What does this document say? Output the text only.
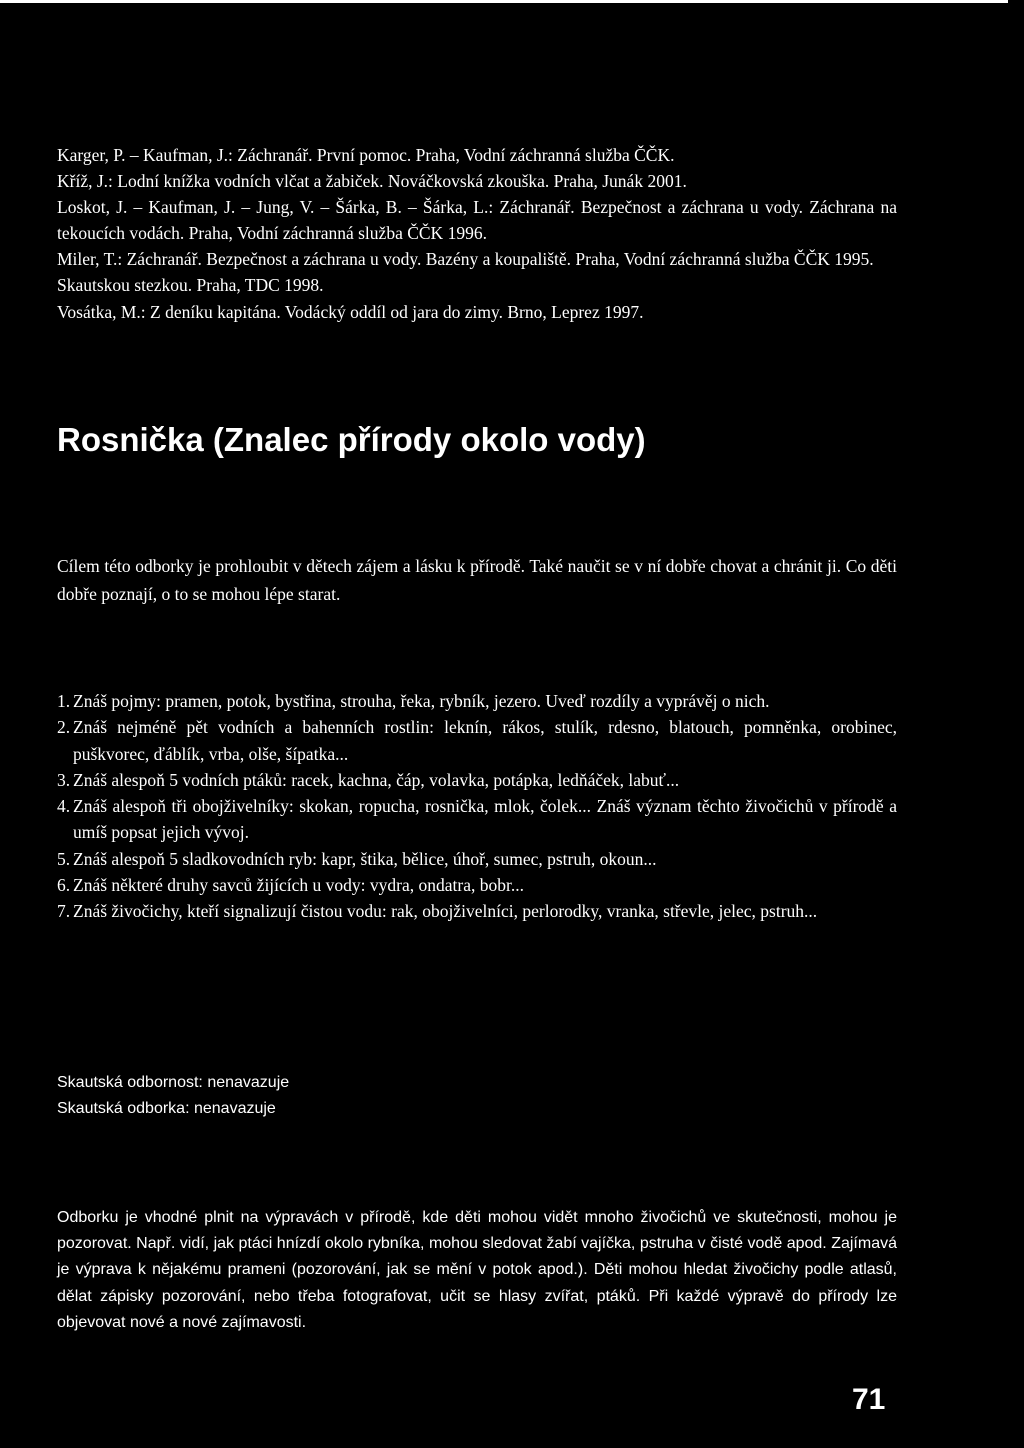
Karger, P. – Kaufman, J.: Záchranář. První pomoc. Praha, Vodní záchranná služba ČČK.

Kříž, J.: Lodní knížka vodních vlčat a žabiček. Nováčkovská zkouška. Praha, Junák 2001.

Loskot, J. – Kaufman, J. – Jung, V. – Šárka, B. – Šárka, L.: Záchranář. Bezpečnost a záchrana u vody. Záchrana na tekoucích vodách. Praha, Vodní záchranná služba ČČK 1996.

Miler, T.: Záchranář. Bezpečnost a záchrana u vody. Bazény a koupaliště. Praha, Vodní záchranná služba ČČK 1995.

Skautskou stezkou. Praha, TDC 1998.

Vosátka, M.: Z deníku kapitána. Vodácký oddíl od jara do zimy. Brno, Leprez 1997.

Rosnička (Znalec přírody okolo vody)

Cílem této odborky je prohloubit v dětech zájem a lásku k přírodě. Také naučit se v ní dobře chovat a chránit ji. Co děti dobře poznají, o to se mohou lépe starat.

1. Znáš pojmy: pramen, potok, bystřina, strouha, řeka, rybník, jezero. Uveď rozdíly a vyprávěj o nich.
2. Znáš nejméně pět vodních a bahenních rostlin: leknín, rákos, stulík, rdesno, blatouch, pomněnka, orobinec, puškvorec, ďáblík, vrba, olše, šípatka...
3. Znáš alespoň 5 vodních ptáků: racek, kachna, čáp, volavka, potápka, ledňáček, labuť...
4. Znáš alespoň tři obojživelníky: skokan, ropucha, rosnička, mlok, čolek... Znáš význam těchto živočichů v přírodě a umíš popsat jejich vývoj.
5. Znáš alespoň 5 sladkovodních ryb: kapr, štika, bělice, úhoř, sumec, pstruh, okoun...
6. Znáš některé druhy savců žijících u vody: vydra, ondatra, bobr...
7. Znáš živočichy, kteří signalizují čistou vodu: rak, obojživelníci, perlorodky, vranka, střevle, jelec, pstruh...

Skautská odbornost: nenavazuje

Skautská odborka: nenavazuje

Odborku je vhodné plnit na výpravách v přírodě, kde děti mohou vidět mnoho živočichů ve skutečnosti, mohou je pozorovat. Např. vidí, jak ptáci hnízdí okolo rybníka, mohou sledovat žabí vajíčka, pstruha v čisté vodě apod. Zajímavá je výprava k nějakému prameni (pozorování, jak se mění v potok apod.). Děti mohou hledat živočichy podle atlasů, dělat zápisky pozorování, nebo třeba fotografovat, učit se hlasy zvířat, ptáků. Při každé výpravě do přírody lze objevovat nové a nové zajímavosti.

71
